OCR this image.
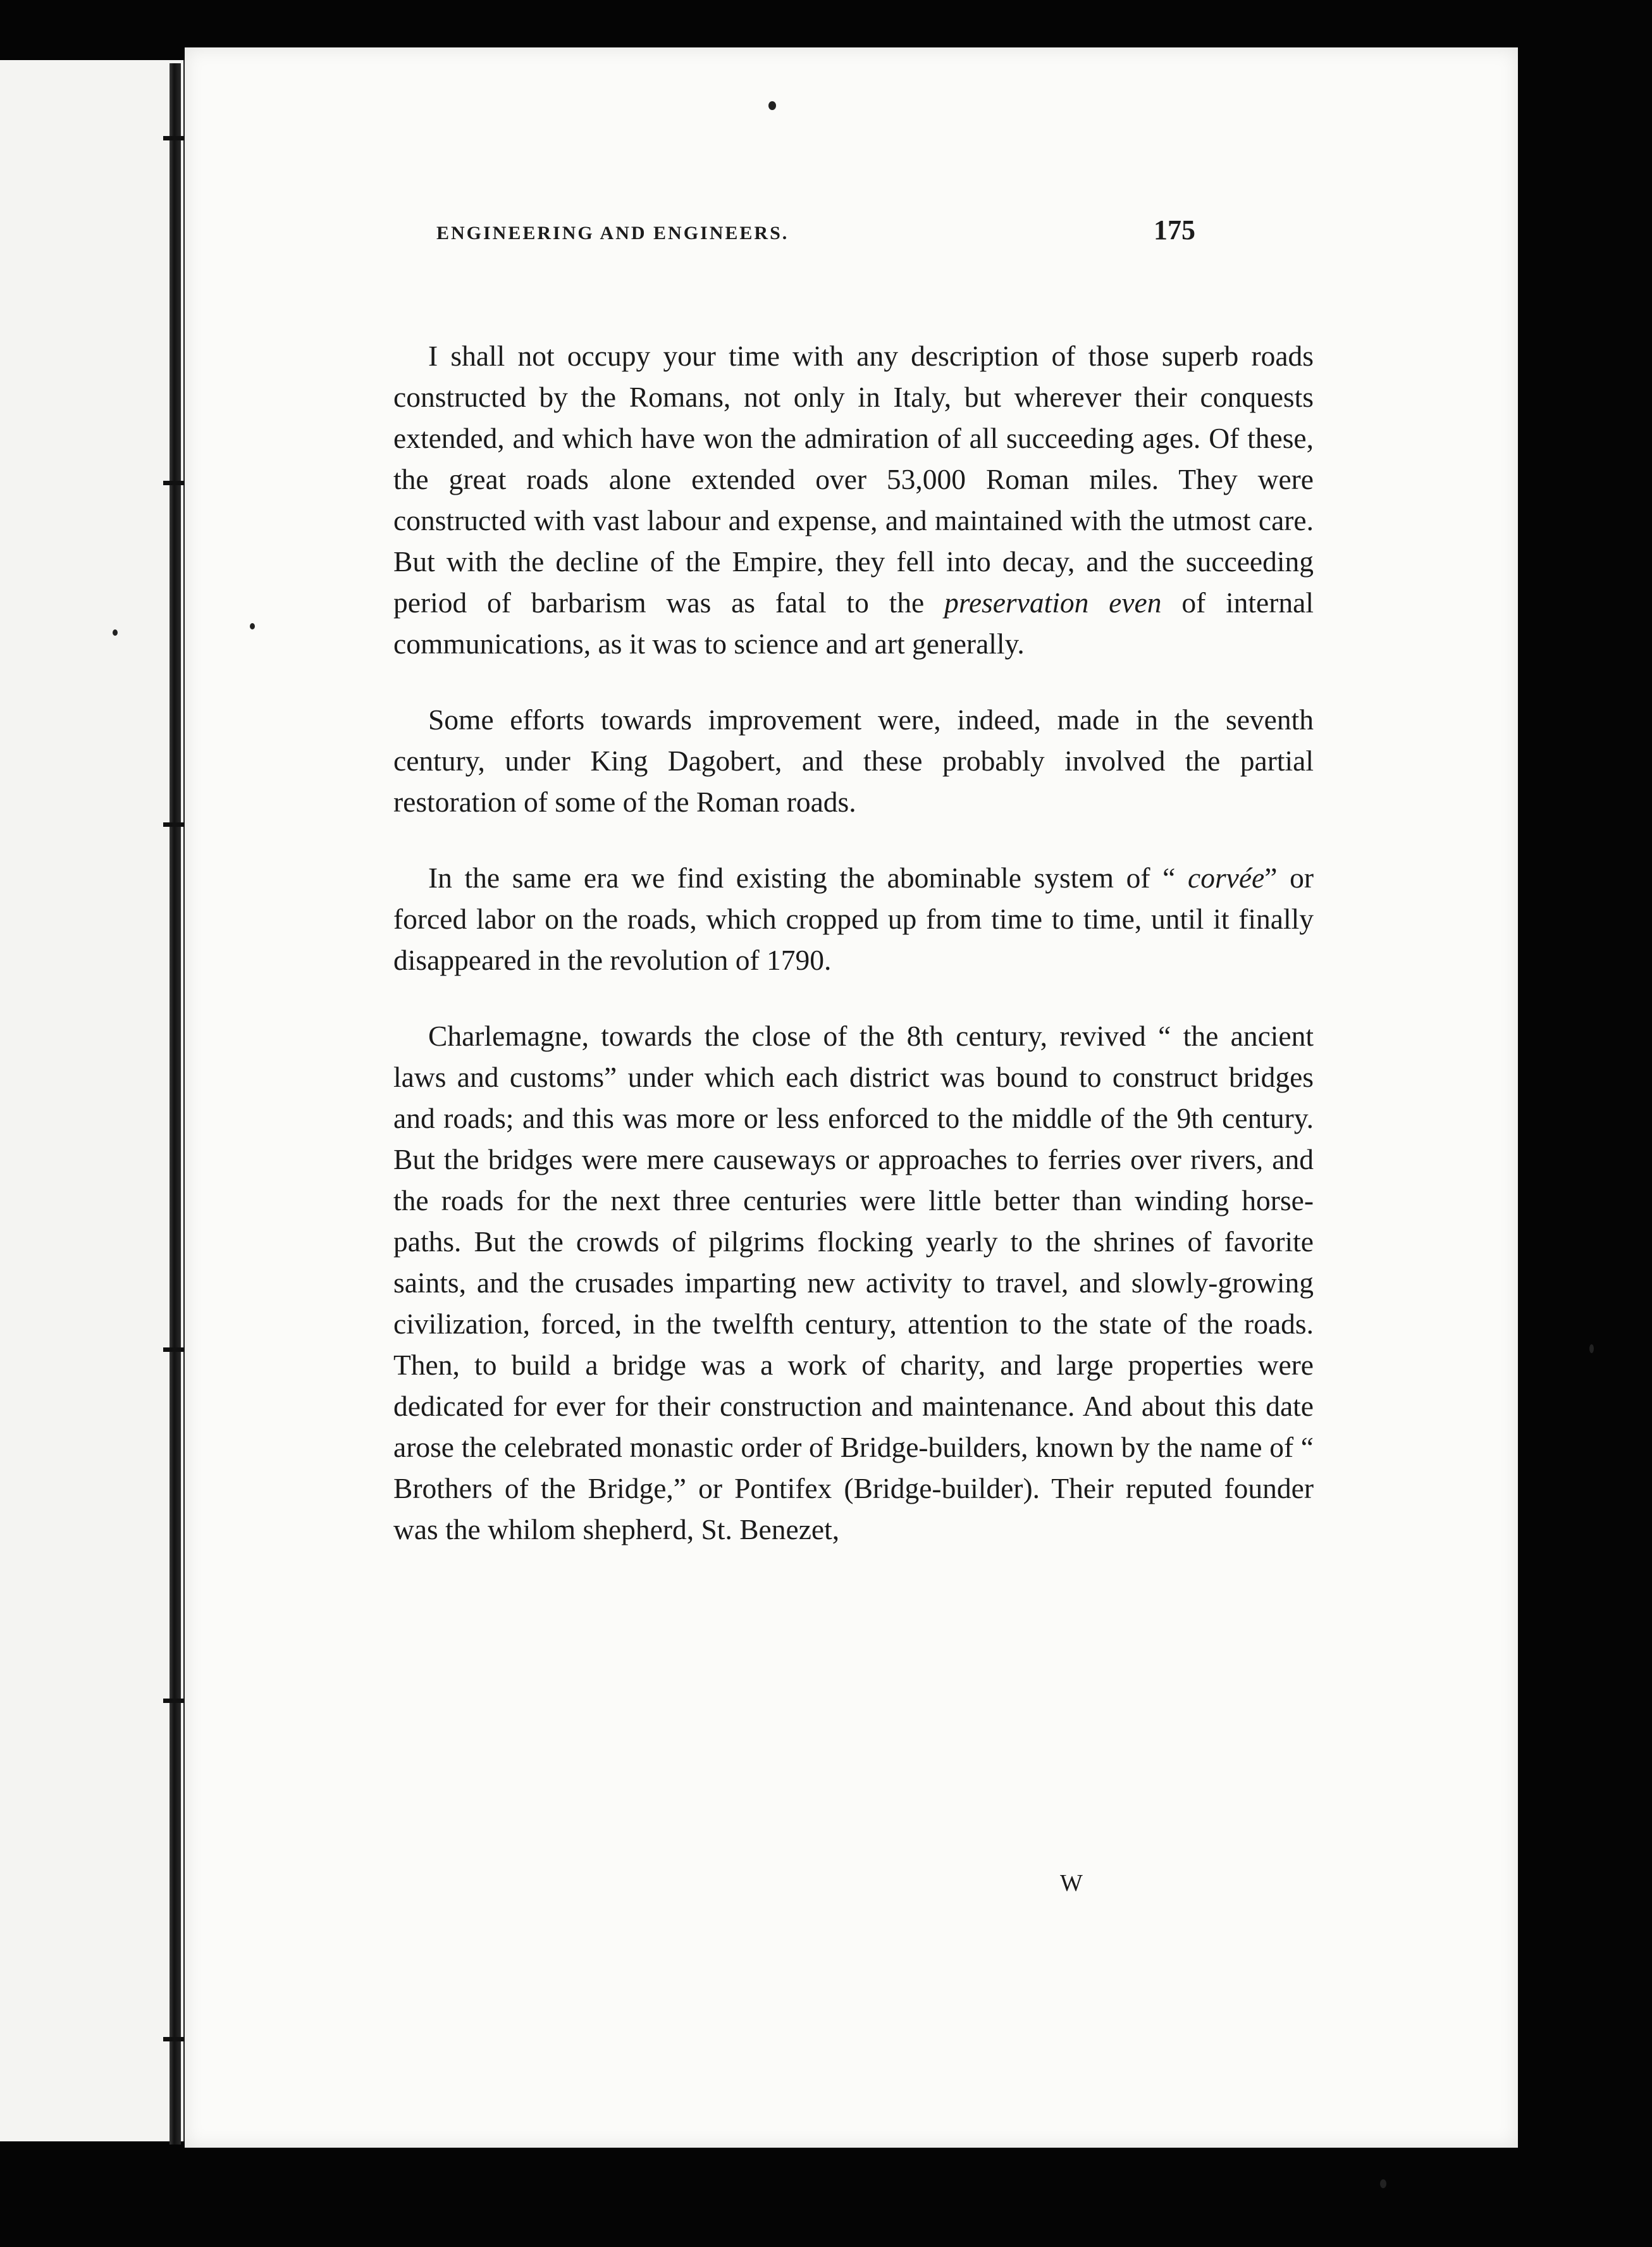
ENGINEERING AND ENGINEERS.	175

I shall not occupy your time with any description of those superb roads constructed by the Romans, not only in Italy, but wherever their conquests extended, and which have won the admiration of all succeeding ages. Of these, the great roads alone extended over 53,000 Roman miles. They were constructed with vast labour and expense, and maintained with the utmost care. But with the decline of the Empire, they fell into decay, and the succeeding period of barbarism was as fatal to the preservation even of internal communications, as it was to science and art generally.

Some efforts towards improvement were, indeed, made in the seventh century, under King Dagobert, and these probably involved the partial restoration of some of the Roman roads.

In the same era we find existing the abominable system of “ corvée” or forced labor on the roads, which cropped up from time to time, until it finally disappeared in the revolution of 1790.

Charlemagne, towards the close of the 8th century, revived “ the ancient laws and customs” under which each district was bound to construct bridges and roads; and this was more or less enforced to the middle of the 9th century. But the bridges were mere causeways or approaches to ferries over rivers, and the roads for the next three centuries were little better than winding horse-paths. But the crowds of pilgrims flocking yearly to the shrines of favorite saints, and the crusades imparting new activity to travel, and slowly-growing civilization, forced, in the twelfth century, attention to the state of the roads. Then, to build a bridge was a work of charity, and large properties were dedicated for ever for their construction and maintenance. And about this date arose the celebrated monastic order of Bridge-builders, known by the name of “ Brothers of the Bridge,” or Pontifex (Bridge-builder). Their reputed founder was the whilom shepherd, St. Benezet,

W
